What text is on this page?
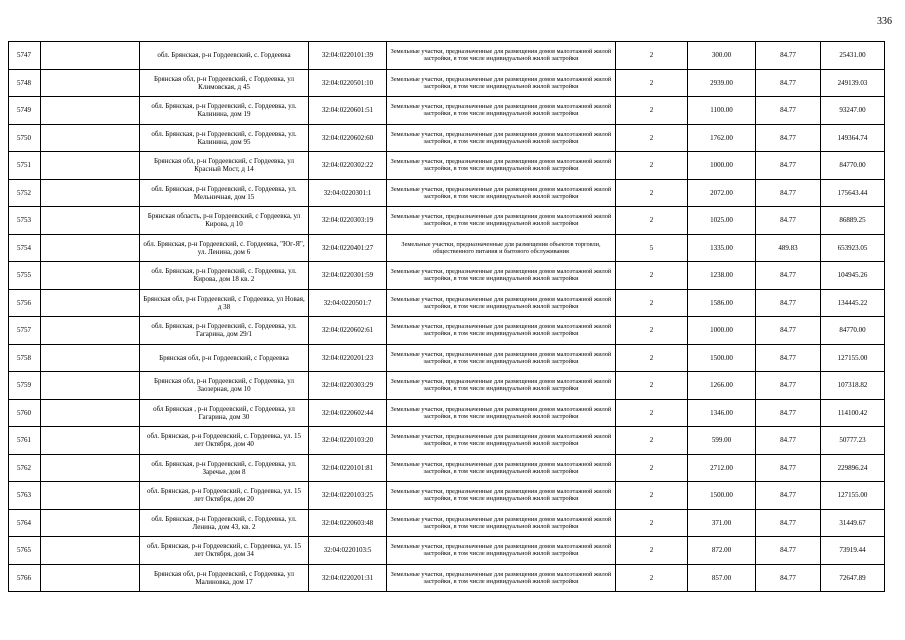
336
5747		обл. Брянская, р-н Гордеевский, с. Гордеевка	32:04:0220101:39	Земельные участки, предназначенные для размещения домов малоэтажной жилой застройки, в том числе индивидуальной жилой застройки	2	300.00	84.77	25431.00
5748		Брянская обл, р-н Гордеевский, с Гордеевка, ул Климовская, д 45	32:04:0220501:10	Земельные участки, предназначенные для размещения домов малоэтажной жилой застройки, в том числе индивидуальной жилой застройки	2	2939.00	84.77	249139.03
5749		обл. Брянская, р-н Гордеевский, с. Гордеевка, ул. Калинина, дом 19	32:04:0220601:51	Земельные участки, предназначенные для размещения домов малоэтажной жилой застройки, в том числе индивидуальной жилой застройки	2	1100.00	84.77	93247.00
5750		обл. Брянская, р-н Гордеевский, с. Гордеевка, ул. Калинина, дом 95	32:04:0220602:60	Земельные участки, предназначенные для размещения домов малоэтажной жилой застройки, в том числе индивидуальной жилой застройки	2	1762.00	84.77	149364.74
5751		Брянская обл, р-н Гордеевский, с Гордеевка, ул Красный Мост, д 14	32:04:0220302:22	Земельные участки, предназначенные для размещения домов малоэтажной жилой застройки, в том числе индивидуальной жилой застройки	2	1000.00	84.77	84770.00
5752		обл. Брянская, р-н Гордеевский, с. Гордеевка, ул. Мельничная, дом 15	32:04:0220301:1	Земельные участки, предназначенные для размещения домов малоэтажной жилой застройки, в том числе индивидуальной жилой застройки	2	2072.00	84.77	175643.44
5753		Брянская область, р-н Гордеевский, с Гордеевка, ул Кирова, д 10	32:04:0220303:19	Земельные участки, предназначенные для размещения домов малоэтажной жилой застройки, в том числе индивидуальной жилой застройки	2	1025.00	84.77	86889.25
5754		обл. Брянская, р-н Гордеевский, с. Гордеевка, "Юг-Я", ул. Ленина, дом 6	32:04:0220401:27	Земельные участки, предназначенные для размещения объектов торговли, общественного питания и бытового обслуживания	5	1335.00	489.83	653923.05
5755		обл. Брянская, р-н Гордеевский, с. Гордеевка, ул. Кирова, дом 18 кв. 2	32:04:0220301:59	Земельные участки, предназначенные для размещения домов малоэтажной жилой застройки, в том числе индивидуальной жилой застройки	2	1238.00	84.77	104945.26
5756		Брянская обл, р-н Гордеевский, с Гордеевка, ул Новая, д 38	32:04:0220501:7	Земельные участки, предназначенные для размещения домов малоэтажной жилой застройки, в том числе индивидуальной жилой застройки	2	1586.00	84.77	134445.22
5757		обл. Брянская, р-н Гордеевский, с. Гордеевка, ул. Гагарина, дом 29/1	32:04:0220602:61	Земельные участки, предназначенные для размещения домов малоэтажной жилой застройки, в том числе индивидуальной жилой застройки	2	1000.00	84.77	84770.00
5758		Брянская обл, р-н Гордеевский, с Гордеевка	32:04:0220201:23	Земельные участки, предназначенные для размещения домов малоэтажной жилой застройки, в том числе индивидуальной жилой застройки	2	1500.00	84.77	127155.00
5759		Брянская обл, р-н Гордеевский, с Гордеевка, ул Заозерная, дом 10	32:04:0220303:29	Земельные участки, предназначенные для размещения домов малоэтажной жилой застройки, в том числе индивидуальной жилой застройки	2	1266.00	84.77	107318.82
5760		обл Брянская , р-н Гордеевский, с Гордеевка, ул Гагарина, дом 30	32:04:0220602:44	Земельные участки, предназначенные для размещения домов малоэтажной жилой застройки, в том числе индивидуальной жилой застройки	2	1346.00	84.77	114100.42
5761		обл. Брянская, р-н Гордеевский, с. Гордеевка, ул. 15 лет Октября, дом 40	32:04:0220103:20	Земельные участки, предназначенные для размещения домов малоэтажной жилой застройки, в том числе индивидуальной жилой застройки	2	599.00	84.77	50777.23
5762		обл. Брянская, р-н Гордеевский, с. Гордеевка, ул. Заречье, дом 8	32:04:0220101:81	Земельные участки, предназначенные для размещения домов малоэтажной жилой застройки, в том числе индивидуальной жилой застройки	2	2712.00	84.77	229896.24
5763		обл. Брянская, р-н Гордеевский, с. Гордеевка, ул. 15 лет Октября, дом 20	32:04:0220103:25	Земельные участки, предназначенные для размещения домов малоэтажной жилой застройки, в том числе индивидуальной жилой застройки	2	1500.00	84.77	127155.00
5764		обл. Брянская, р-н Гордеевский, с. Гордеевка, ул. Ленина, дом 43, кв. 2	32:04:0220603:48	Земельные участки, предназначенные для размещения домов малоэтажной жилой застройки, в том числе индивидуальной жилой застройки	2	371.00	84.77	31449.67
5765		обл. Брянская, р-н Гордеевский, с. Гордеевка, ул. 15 лет Октября, дом 34	32:04:0220103:5	Земельные участки, предназначенные для размещения домов малоэтажной жилой застройки, в том числе индивидуальной жилой застройки	2	872.00	84.77	73919.44
5766		Брянская обл, р-н Гордеевский, с Гордеевка, ул Малиновка, дом 17	32:04:0220201:31	Земельные участки, предназначенные для размещения домов малоэтажной жилой застройки, в том числе индивидуальной жилой застройки	2	857.00	84.77	72647.89
